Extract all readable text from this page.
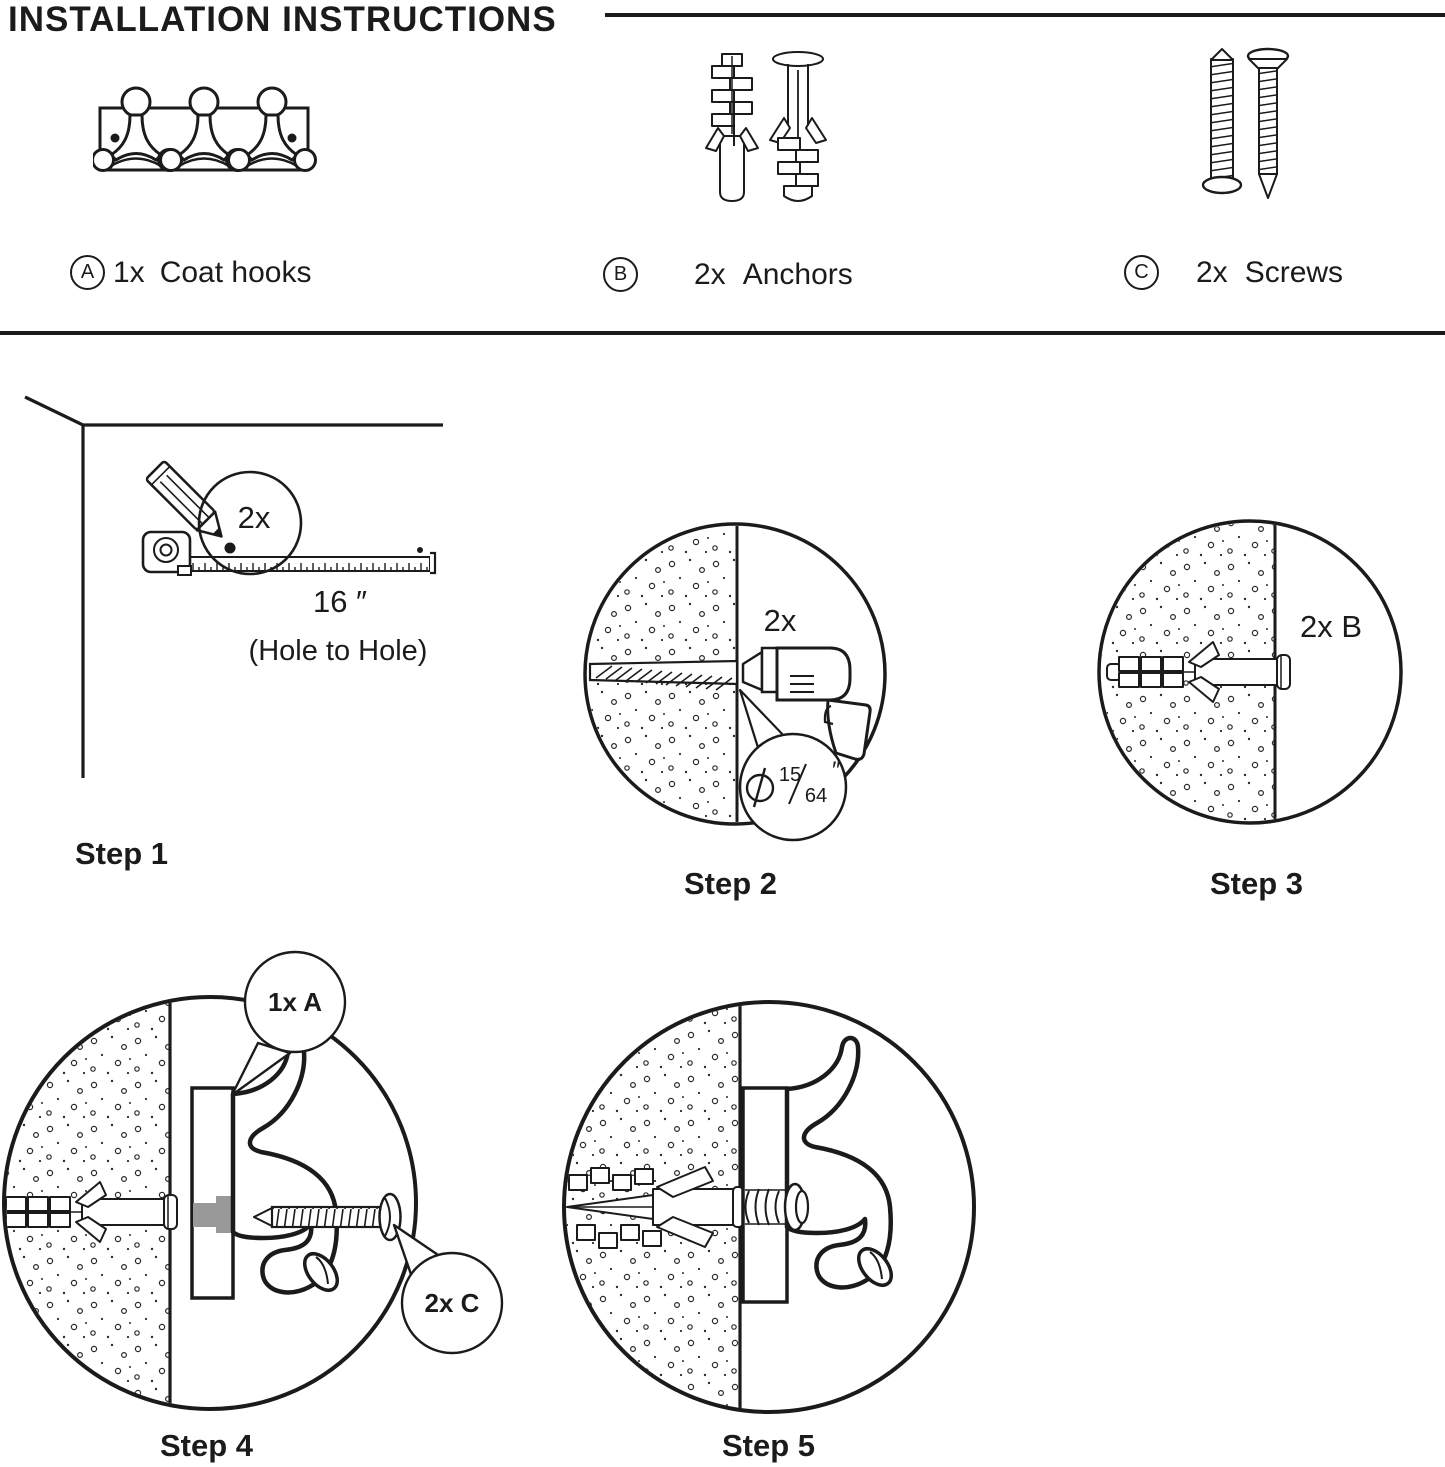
INSTALLATION INSTRUCTIONS
A 1x Coat hooks	B	2x Anchors	C	2x Screws
2x
16 ″
(Hole to Hole)
2x
15
64
″
2x B
1x A
2x C
Step 1
Step 2	Step 3
Step 4	Step 5
